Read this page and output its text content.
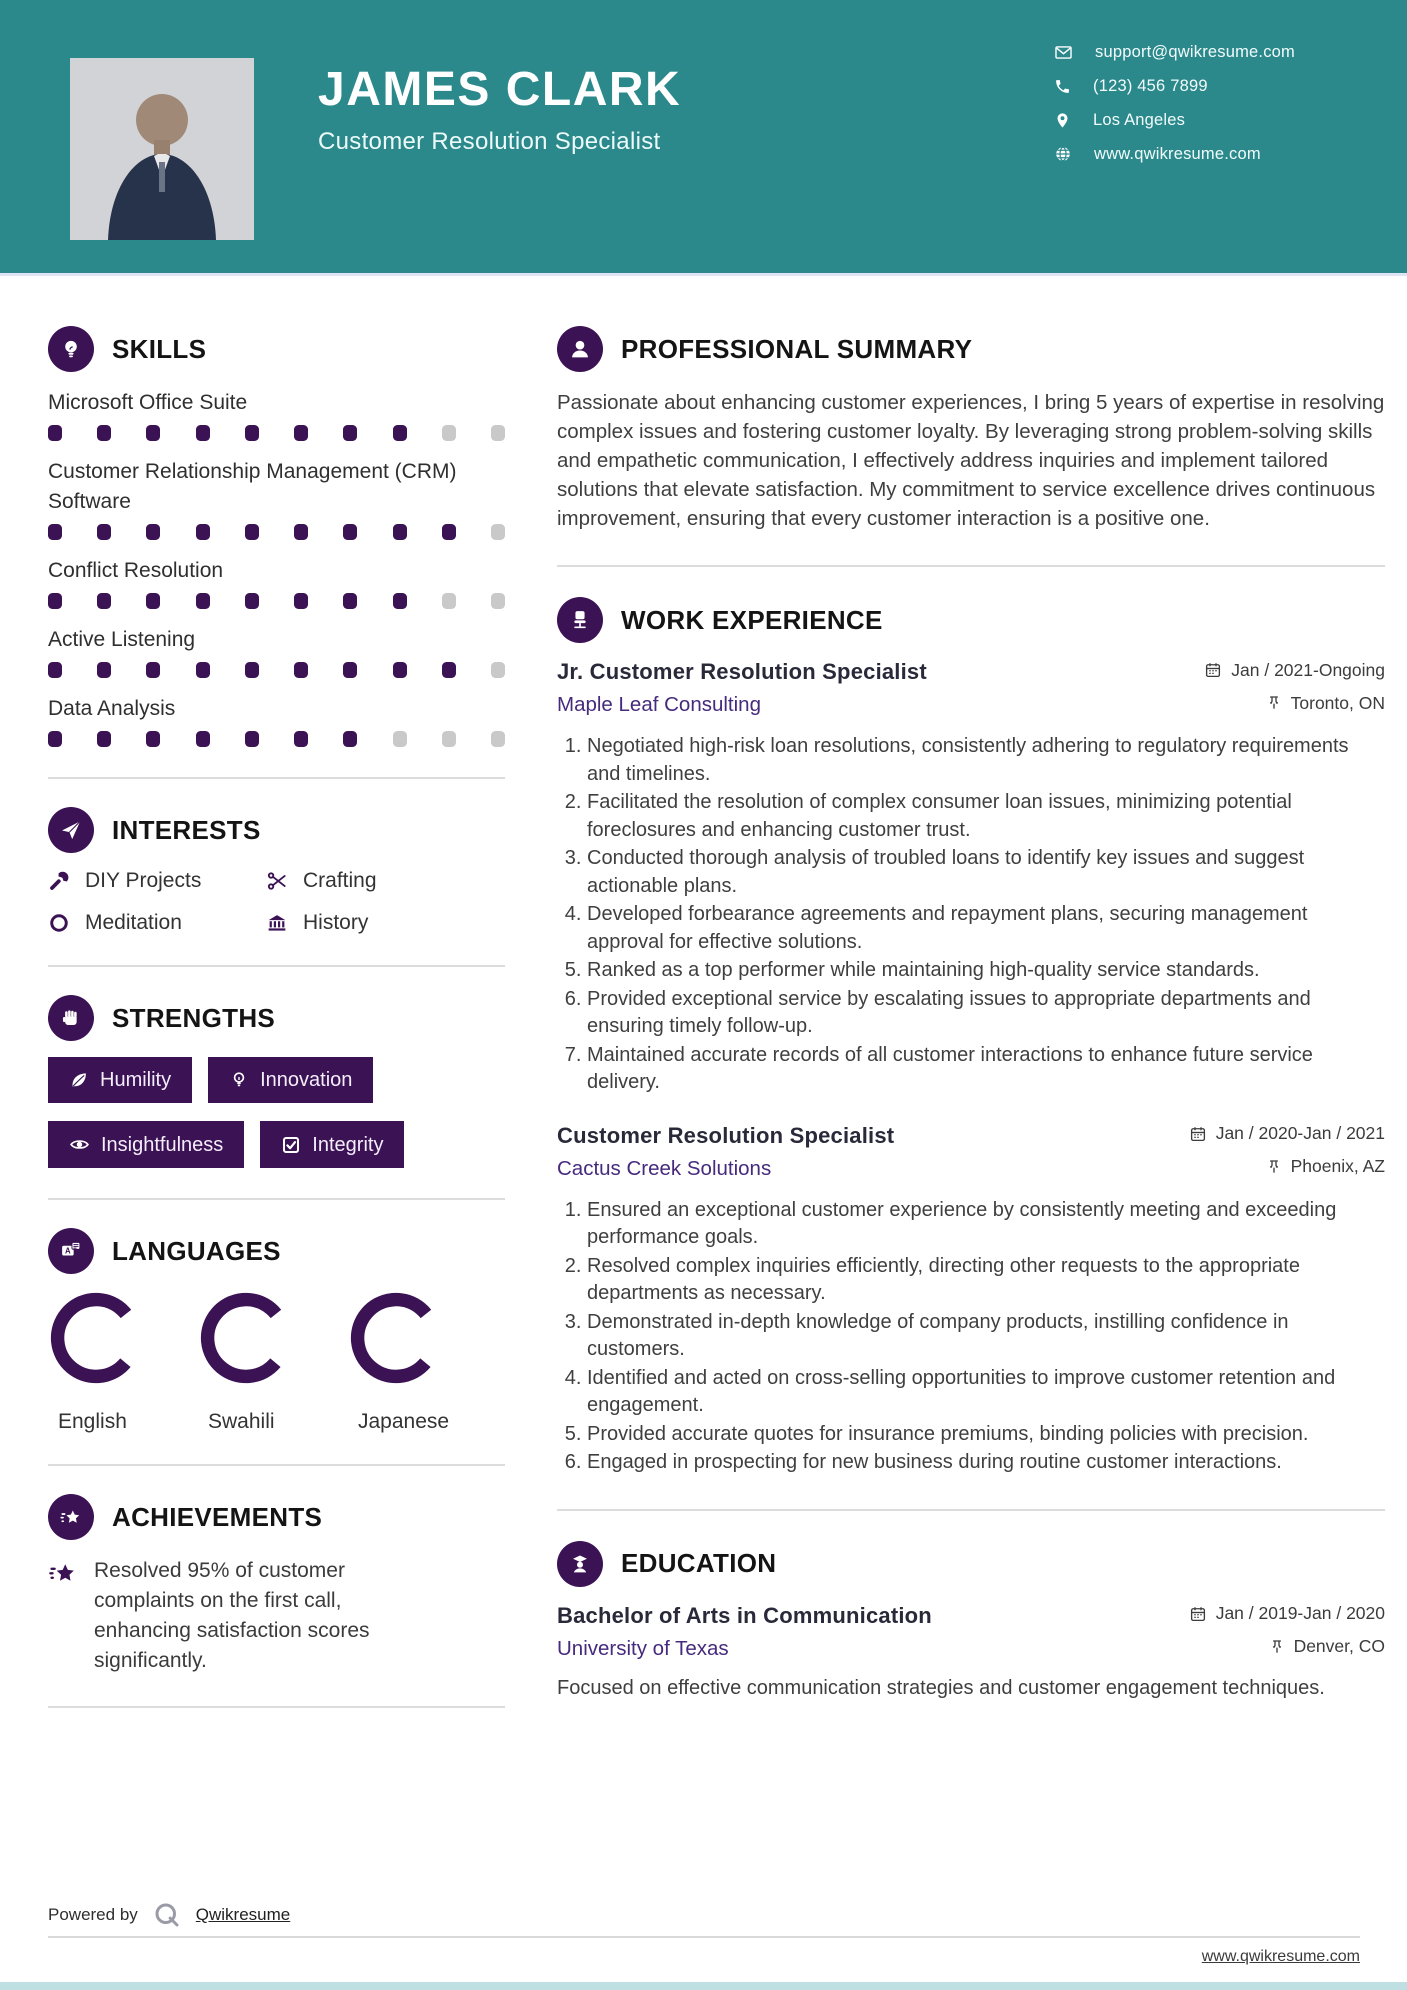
JAMES CLARK
Customer Resolution Specialist
support@qwikresume.com
(123) 456 7899
Los Angeles
www.qwikresume.com
SKILLS
Microsoft Office Suite
Customer Relationship Management (CRM) Software
Conflict Resolution
Active Listening
Data Analysis
INTERESTS
DIY Projects	Crafting
Meditation	History
STRENGTHS
Humility	Innovation
Insightfulness	Integrity
A LANGUAGES
English	Swahili	Japanese
ACHIEVEMENTS
Resolved 95% of customer complaints on the first call, enhancing satisfaction scores significantly.
PROFESSIONAL SUMMARY

Passionate about enhancing customer experiences, I bring 5 years of expertise in resolving complex issues and fostering customer loyalty. By leveraging strong problem-solving skills and empathetic communication, I effectively address inquiries and implement tailored solutions that elevate satisfaction. My commitment to service excellence drives continuous improvement, ensuring that every customer interaction is a positive one.

WORK EXPERIENCE
Jr. Customer Resolution Specialist	Jan / 2021-Ongoing
Maple Leaf Consulting	Toronto, ON
1. Negotiated high-risk loan resolutions, consistently adhering to regulatory requirements and timelines.
2. Facilitated the resolution of complex consumer loan issues, minimizing potential foreclosures and enhancing customer trust.
3. Conducted thorough analysis of troubled loans to identify key issues and suggest actionable plans.
4. Developed forbearance agreements and repayment plans, securing management approval for effective solutions.
5. Ranked as a top performer while maintaining high-quality service standards.
6. Provided exceptional service by escalating issues to appropriate departments and ensuring timely follow-up.
7. Maintained accurate records of all customer interactions to enhance future service delivery.
Customer Resolution Specialist	Jan / 2020-Jan / 2021
Cactus Creek Solutions	Phoenix, AZ
1. Ensured an exceptional customer experience by consistently meeting and exceeding performance goals.
2. Resolved complex inquiries efficiently, directing other requests to the appropriate departments as necessary.
3. Demonstrated in-depth knowledge of company products, instilling confidence in customers.
4. Identified and acted on cross-selling opportunities to improve customer retention and engagement.
5. Provided accurate quotes for insurance premiums, binding policies with precision.
6. Engaged in prospecting for new business during routine customer interactions.
EDUCATION
Bachelor of Arts in Communication	Jan / 2019-Jan / 2020
University of Texas	Denver, CO
Focused on effective communication strategies and customer engagement techniques.
Powered by	Qwikresume
www.qwikresume.com
